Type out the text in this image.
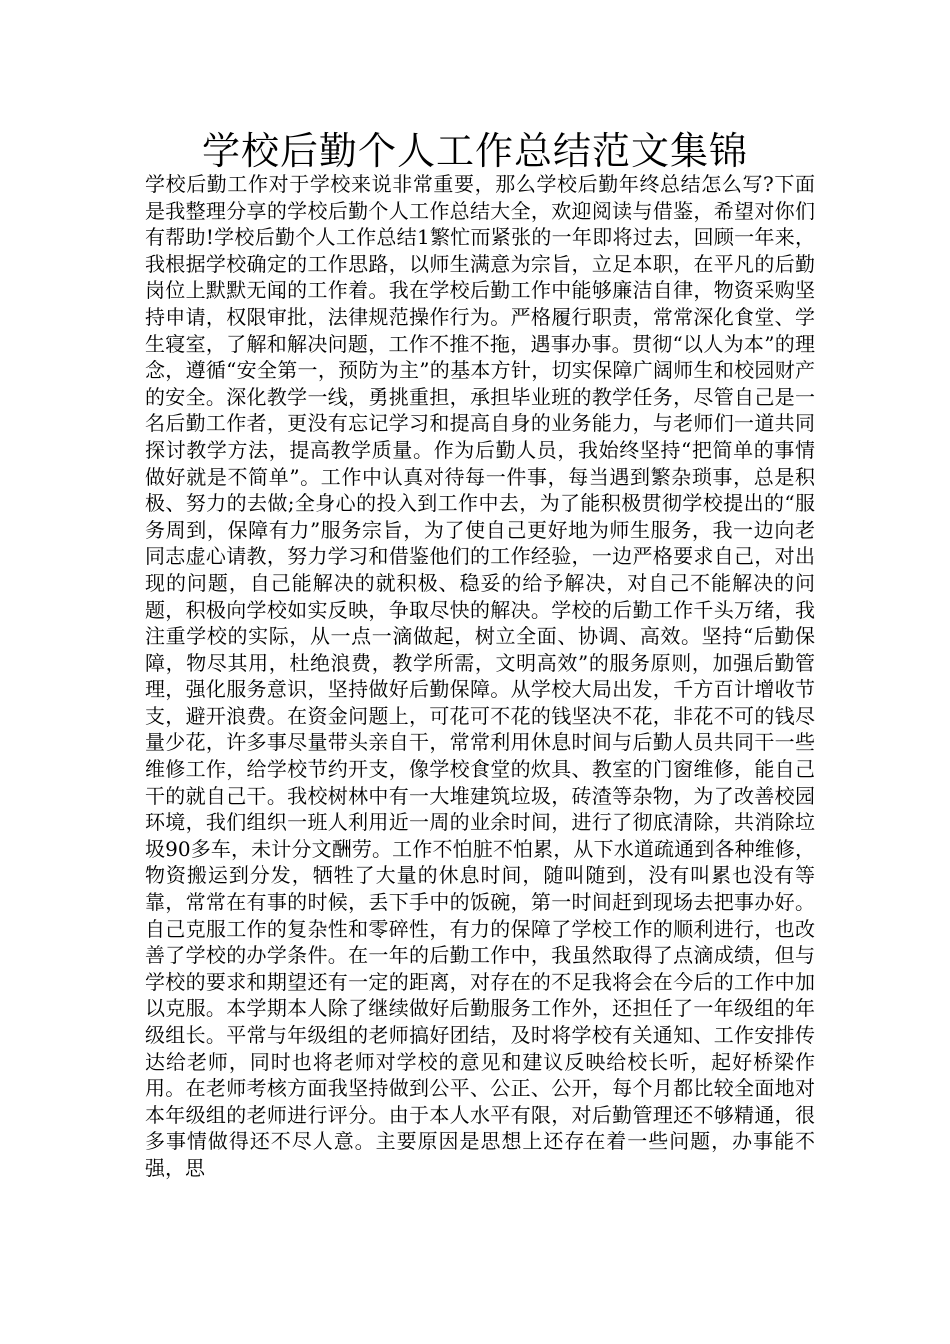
学校后勤个人工作总结范文集锦

学校后勤工作对于学校来说非常重要，那么学校后勤年终总结怎么写?下面是我整理分享的学校后勤个人工作总结大全，欢迎阅读与借鉴，希望对你们有帮助!学校后勤个人工作总结1繁忙而紧张的一年即将过去，回顾一年来，我根据学校确定的工作思路，以师生满意为宗旨，立足本职，在平凡的后勤岗位上默默无闻的工作着。我在学校后勤工作中能够廉洁自律，物资采购坚持申请，权限审批，法律规范操作行为。严格履行职责，常常深化食堂、学生寝室，了解和解决问题，工作不推不拖，遇事办事。贯彻“以人为本”的理念，遵循“安全第一，预防为主”的基本方针，切实保障广阔师生和校园财产的安全。深化教学一线，勇挑重担，承担毕业班的教学任务，尽管自己是一名后勤工作者，更没有忘记学习和提高自身的业务能力，与老师们一道共同探讨教学方法，提高教学质量。作为后勤人员，我始终坚持“把简单的事情做好就是不简单”。工作中认真对待每一件事，每当遇到繁杂琐事，总是积极、努力的去做;全身心的投入到工作中去，为了能积极贯彻学校提出的“服务周到，保障有力”服务宗旨，为了使自己更好地为师生服务，我一边向老同志虚心请教，努力学习和借鉴他们的工作经验，一边严格要求自己，对出现的问题，自己能解决的就积极、稳妥的给予解决，对自己不能解决的问题，积极向学校如实反映，争取尽快的解决。学校的后勤工作千头万绪，我注重学校的实际，从一点一滴做起，树立全面、协调、高效。坚持“后勤保障，物尽其用，杜绝浪费，教学所需，文明高效”的服务原则，加强后勤管理，强化服务意识，坚持做好后勤保障。从学校大局出发，千方百计增收节支，避开浪费。在资金问题上，可花可不花的钱坚决不花，非花不可的钱尽量少花，许多事尽量带头亲自干，常常利用休息时间与后勤人员共同干一些维修工作，给学校节约开支，像学校食堂的炊具、教室的门窗维修，能自己干的就自己干。我校树林中有一大堆建筑垃圾，砖渣等杂物，为了改善校园环境，我们组织一班人利用近一周的业余时间，进行了彻底清除，共消除垃圾90多车，未计分文酬劳。工作不怕脏不怕累，从下水道疏通到各种维修，物资搬运到分发，牺牲了大量的休息时间，随叫随到，没有叫累也没有等靠，常常在有事的时候，丢下手中的饭碗，第一时间赶到现场去把事办好。自己克服工作的复杂性和零碎性，有力的保障了学校工作的顺利进行，也改善了学校的办学条件。在一年的后勤工作中，我虽然取得了点滴成绩，但与学校的要求和期望还有一定的距离，对存在的不足我将会在今后的工作中加以克服。本学期本人除了继续做好后勤服务工作外，还担任了一年级组的年级组长。平常与年级组的老师搞好团结，及时将学校有关通知、工作安排传达给老师，同时也将老师对学校的意见和建议反映给校长听，起好桥梁作用。在老师考核方面我坚持做到公平、公正、公开，每个月都比较全面地对本年级组的老师进行评分。由于本人水平有限，对后勤管理还不够精通，很多事情做得还不尽人意。主要原因是思想上还存在着一些问题，办事能不强，思
